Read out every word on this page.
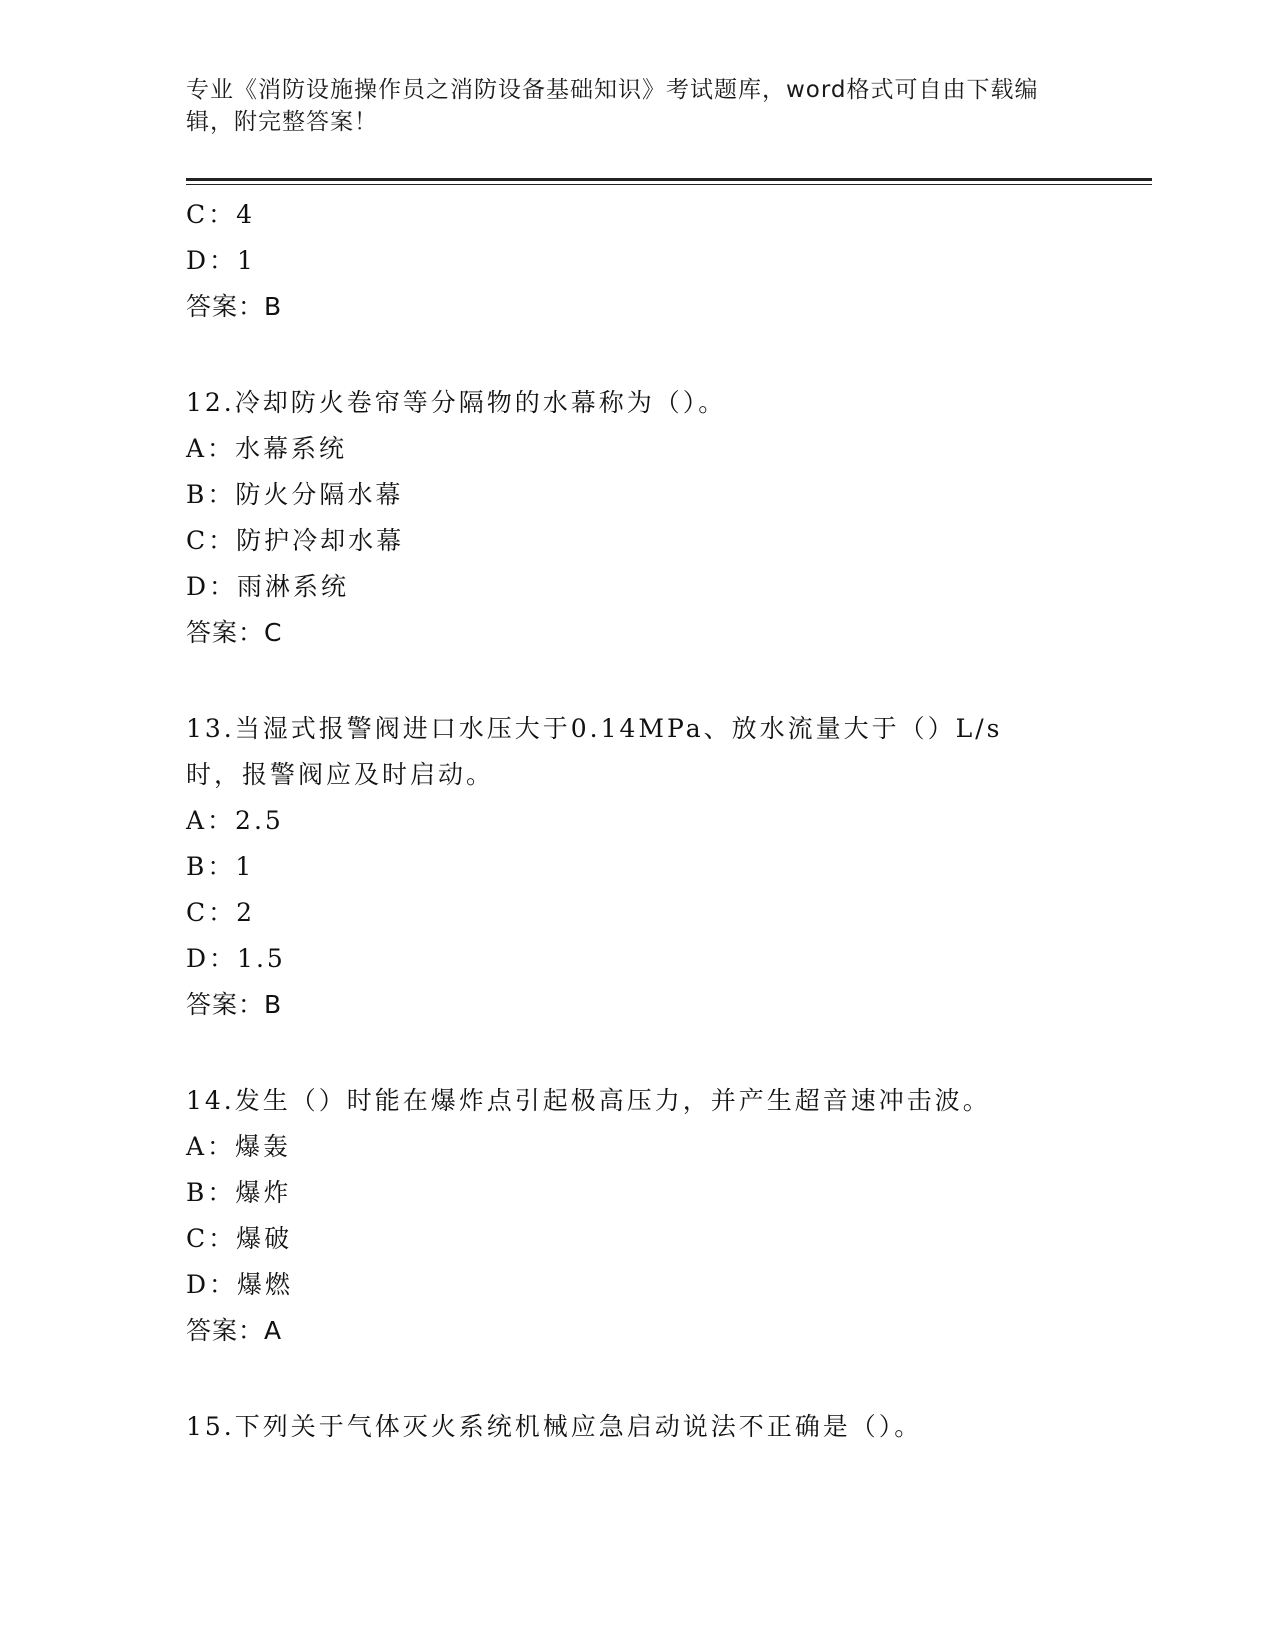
专业《消防设施操作员之消防设备基础知识》考试题库，word格式可自由下载编辑，附完整答案！
C：4
D：1
答案：B
12.冷却防火卷帘等分隔物的水幕称为（）。
A：水幕系统
B：防火分隔水幕
C：防护冷却水幕
D：雨淋系统
答案：C
13.当湿式报警阀进口水压大于0.14MPa、放水流量大于（）L/s时，报警阀应及时启动。
A：2.5
B：1
C：2
D：1.5
答案：B
14.发生（）时能在爆炸点引起极高压力，并产生超音速冲击波。
A：爆轰
B：爆炸
C：爆破
D：爆燃
答案：A
15.下列关于气体灭火系统机械应急启动说法不正确是（）。
